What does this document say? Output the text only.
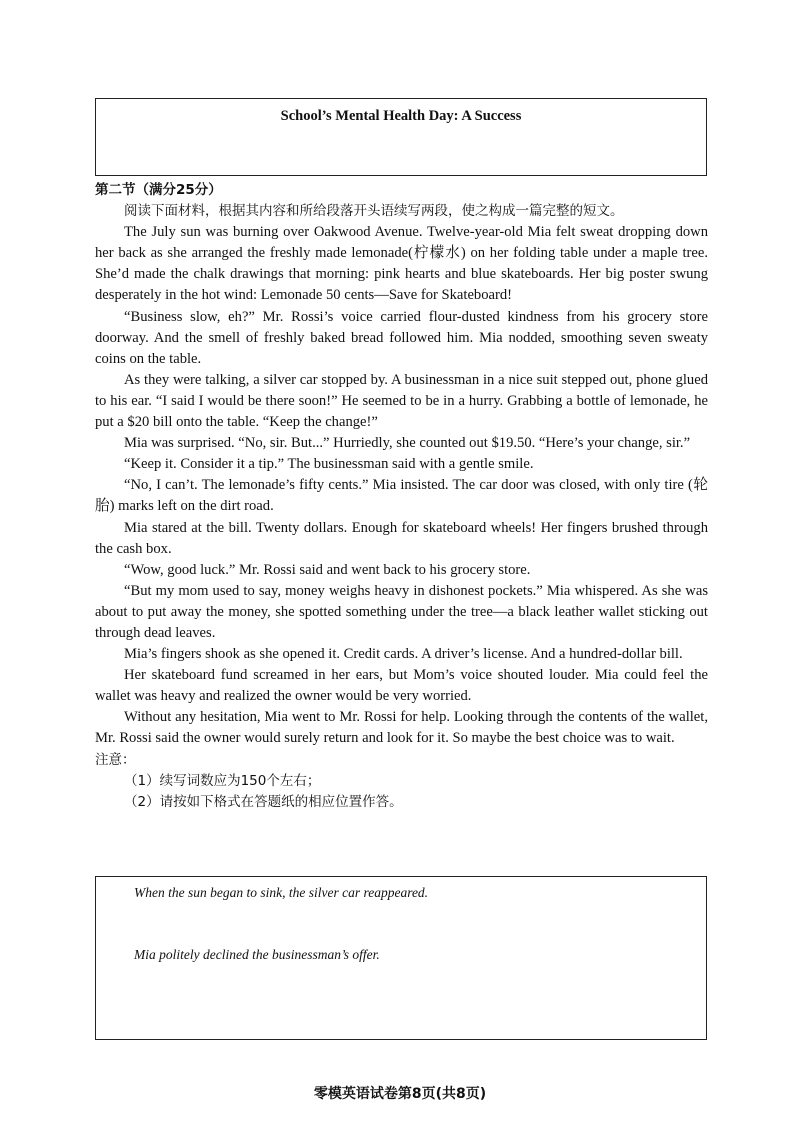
School’s Mental Health Day: A Success
第二节（满分25分）

阅读下面材料，根据其内容和所给段落开头语续写两段，使之构成一篇完整的短文。

The July sun was burning over Oakwood Avenue. Twelve-year-old Mia felt sweat dropping down her back as she arranged the freshly made lemonade(柠檬水) on her folding table under a maple tree. She’d made the chalk drawings that morning: pink hearts and blue skateboards. Her big poster swung desperately in the hot wind: Lemonade 50 cents—Save for Skateboard!

“Business slow, eh?” Mr. Rossi’s voice carried flour-dusted kindness from his grocery store doorway. And the smell of freshly baked bread followed him. Mia nodded, smoothing seven sweaty coins on the table.

As they were talking, a silver car stopped by. A businessman in a nice suit stepped out, phone glued to his ear. “I said I would be there soon!” He seemed to be in a hurry. Grabbing a bottle of lemonade, he put a $20 bill onto the table. “Keep the change!”

Mia was surprised. “No, sir. But...” Hurriedly, she counted out $19.50. “Here’s your change, sir.”

“Keep it. Consider it a tip.” The businessman said with a gentle smile.

“No, I can’t. The lemonade’s fifty cents.” Mia insisted. The car door was closed, with only tire (轮胎) marks left on the dirt road.

Mia stared at the bill. Twenty dollars. Enough for skateboard wheels! Her fingers brushed through the cash box.

“Wow, good luck.” Mr. Rossi said and went back to his grocery store.

“But my mom used to say, money weighs heavy in dishonest pockets.” Mia whispered. As she was about to put away the money, she spotted something under the tree—a black leather wallet sticking out through dead leaves.

Mia’s fingers shook as she opened it. Credit cards. A driver’s license. And a hundred-dollar bill.

Her skateboard fund screamed in her ears, but Mom’s voice shouted louder. Mia could feel the wallet was heavy and realized the owner would be very worried.

Without any hesitation, Mia went to Mr. Rossi for help. Looking through the contents of the wallet, Mr. Rossi said the owner would surely return and look for it. So maybe the best choice was to wait.

注意：

（1）续写词数应为150个左右；

（2）请按如下格式在答题纸的相应位置作答。

When the sun began to sink, the silver car reappeared.
Mia politely declined the businessman’s offer.
零模英语试卷第8页(共8页)
